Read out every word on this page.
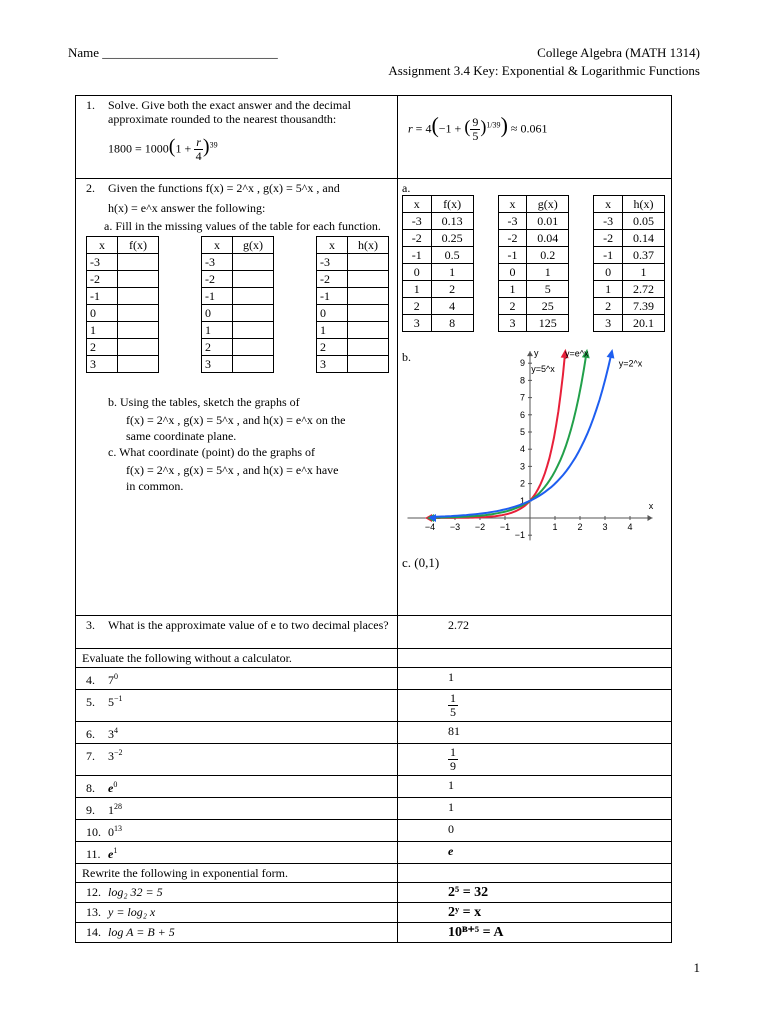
Name ___________________________	College Algebra (MATH 1314)
Assignment 3.4 Key: Exponential & Logarithmic Functions
1.	Solve. Give both the exact answer and the decimal approximate rounded to the nearest thousandth:
$1800 = 1000(1 + \frac{r}{4} )^{39}$

r = 4(−1 + ( $\frac{9}{5} )^{1/39}) \approx 0.061$

2.	Given the functions f(x) = 2^x , g(x) = 5^x , and
h(x) = e^x answer the following:
a. Fill in the missing values of the table for each function.
x	f(x)
-3	
-2	
-1	
0	
1	
2	
3	
x	g(x)
-3	
-2	
-1	
0	
1	
2	
3	
x	h(x)
-3	
-2	
-1	
0	
1	
2	
3	
b. Using the tables, sketch the graphs of
f(x) = 2^x , g(x) = 5^x , and h(x) = e^x on the
same coordinate plane.
c. What coordinate (point) do the graphs of
f(x) = 2^x , g(x) = 5^x , and h(x) = e^x have
in common.

a.
x	f(x)
-3	0.13
-2	0.25
-1	0.5
0	1
1	2
2	4
3	8
x	g(x)
-3	0.01
-2	0.04
-1	0.2
0	1
1	5
2	25
3	125
x	h(x)
-3	0.05
-2	0.14
-1	0.37
0	1
1	2.72
2	7.39
3	20.1
b.	y
x
−4 −3 −2 −1	1 2 3 4
−1
1
2
3
4
5
6
7
8
9
y=5^x
y=e^x
y=2^x
c. (0,1)

3.	What is the approximate value of e to two decimal places?	2.72
Evaluate the following without a calculator.	
4. $7^0$	1
5. $5^{-1}$	$\frac{1}{5}$

6. $3^4$	81
7. $3^{-2}$	$\frac{1}{9}$

8. $e^0$	1
9. $1^{28}$	1
10. $0^{13}$	0
11. $e^1$	e
Rewrite the following in exponential form.	
12. log₂ 32 = 5	2⁵ = 32
13. y = log₂ x	2ʸ = x
14. log A = B + 5	10ᴮ⁺⁵ = A
1
